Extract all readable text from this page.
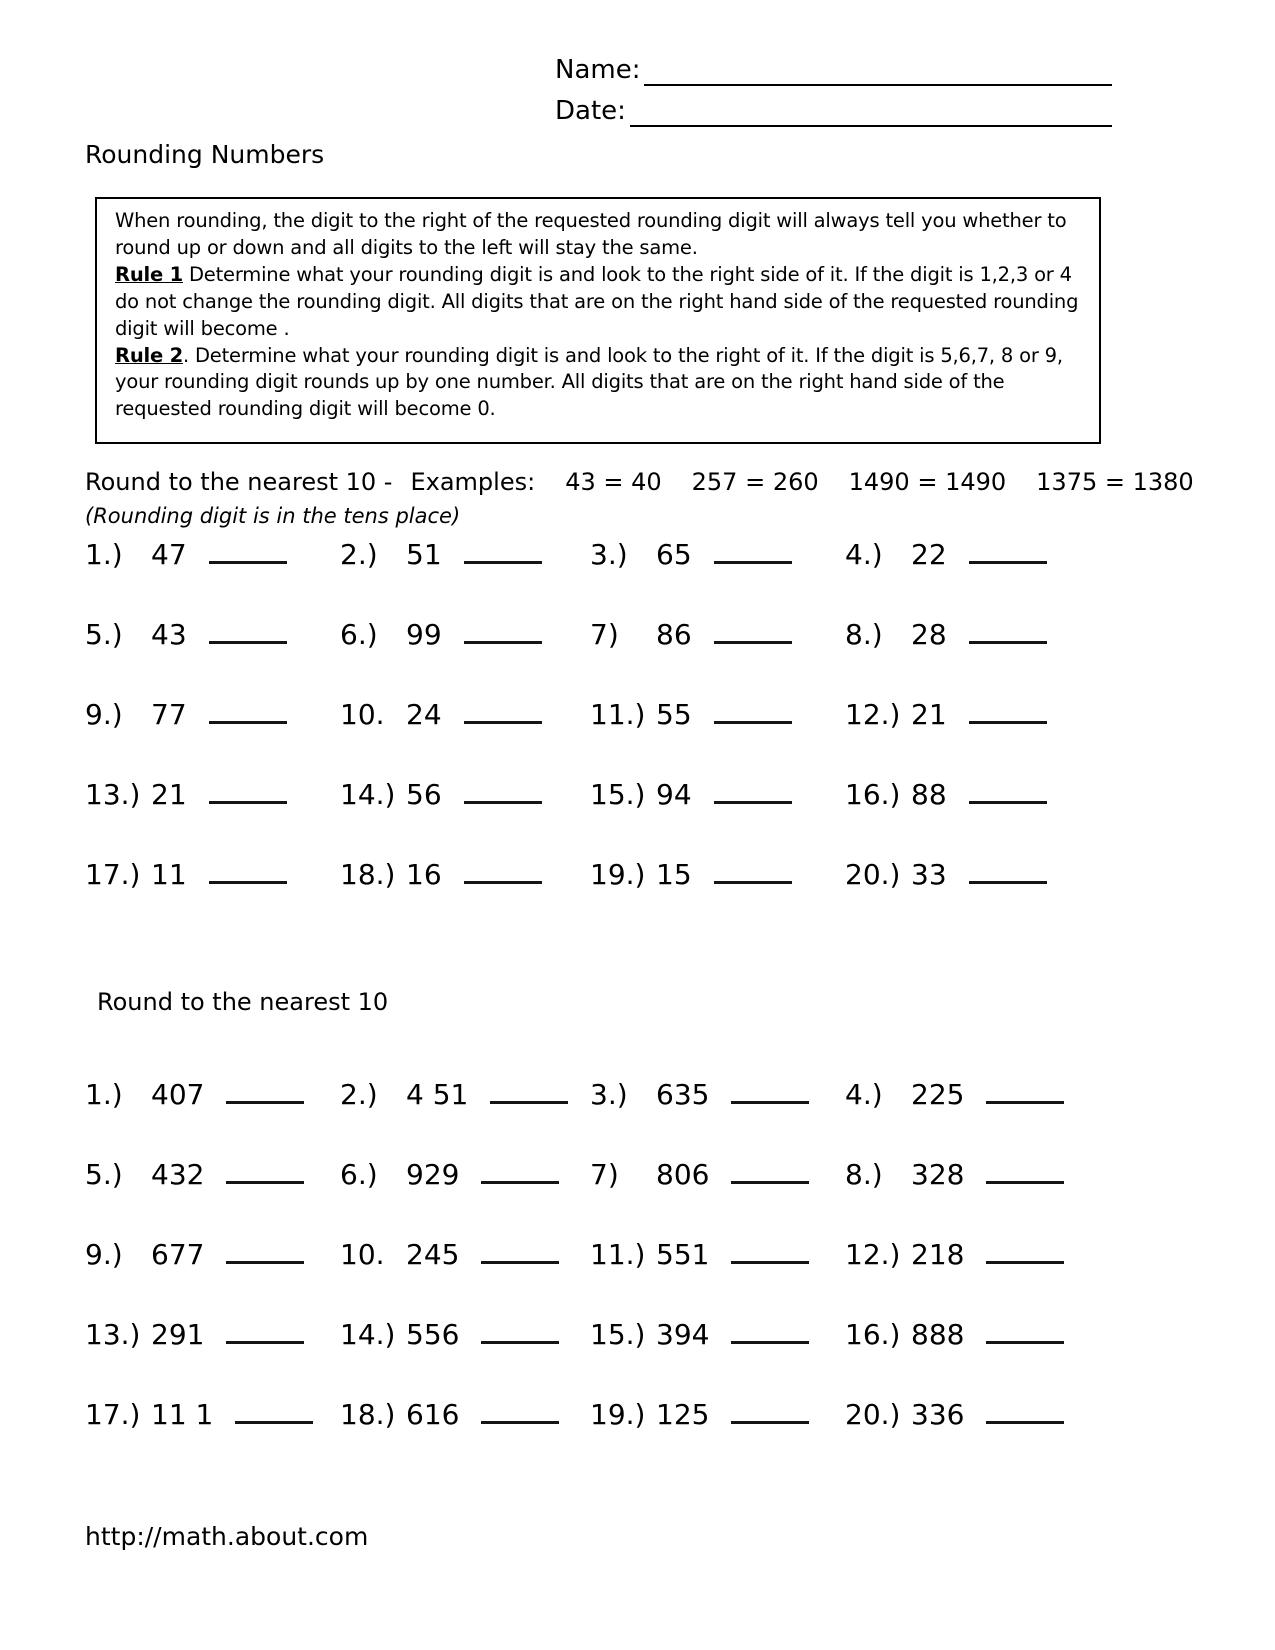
Name:
Date:
Rounding Numbers

When rounding, the digit to the right of the requested rounding digit will always tell you whether to round up or down and all digits to the left will stay the same.

Rule 1 Determine what your rounding digit is and look to the right side of it. If the digit is 1,2,3 or 4 do not change the rounding digit. All digits that are on the right hand side of the requested rounding digit will become .

Rule 2. Determine what your rounding digit is and look to the right of it. If the digit is 5,6,7, 8 or 9, your rounding digit rounds up by one number. All digits that are on the right hand side of the requested rounding digit will become 0.

Round to the nearest 10 - Examples: 43 = 40 257 = 260 1490 = 1490 1375 = 1380
(Rounding digit is in the tens place)
1.)	47	2.)	51	3.)	65	4.)	22
5.)	43	6.)	99	7)	86	8.)	28
9.)	77	10. 24	11.) 55	12.) 21
13.) 21	14.) 56	15.) 94	16.) 88
17.) 11	18.) 16	19.) 15	20.) 33
Round to the nearest 10
1.)	407	2.)	4 51	3.)	635	4.)	225
5.)	432	6.)	929	7)	806	8.)	328
9.)	677	10. 245	11.) 551	12.) 218
13.) 291	14.) 556	15.) 394	16.) 888
17.) 11 1	18.) 616	19.) 125	20.) 336
http://math.about.com
